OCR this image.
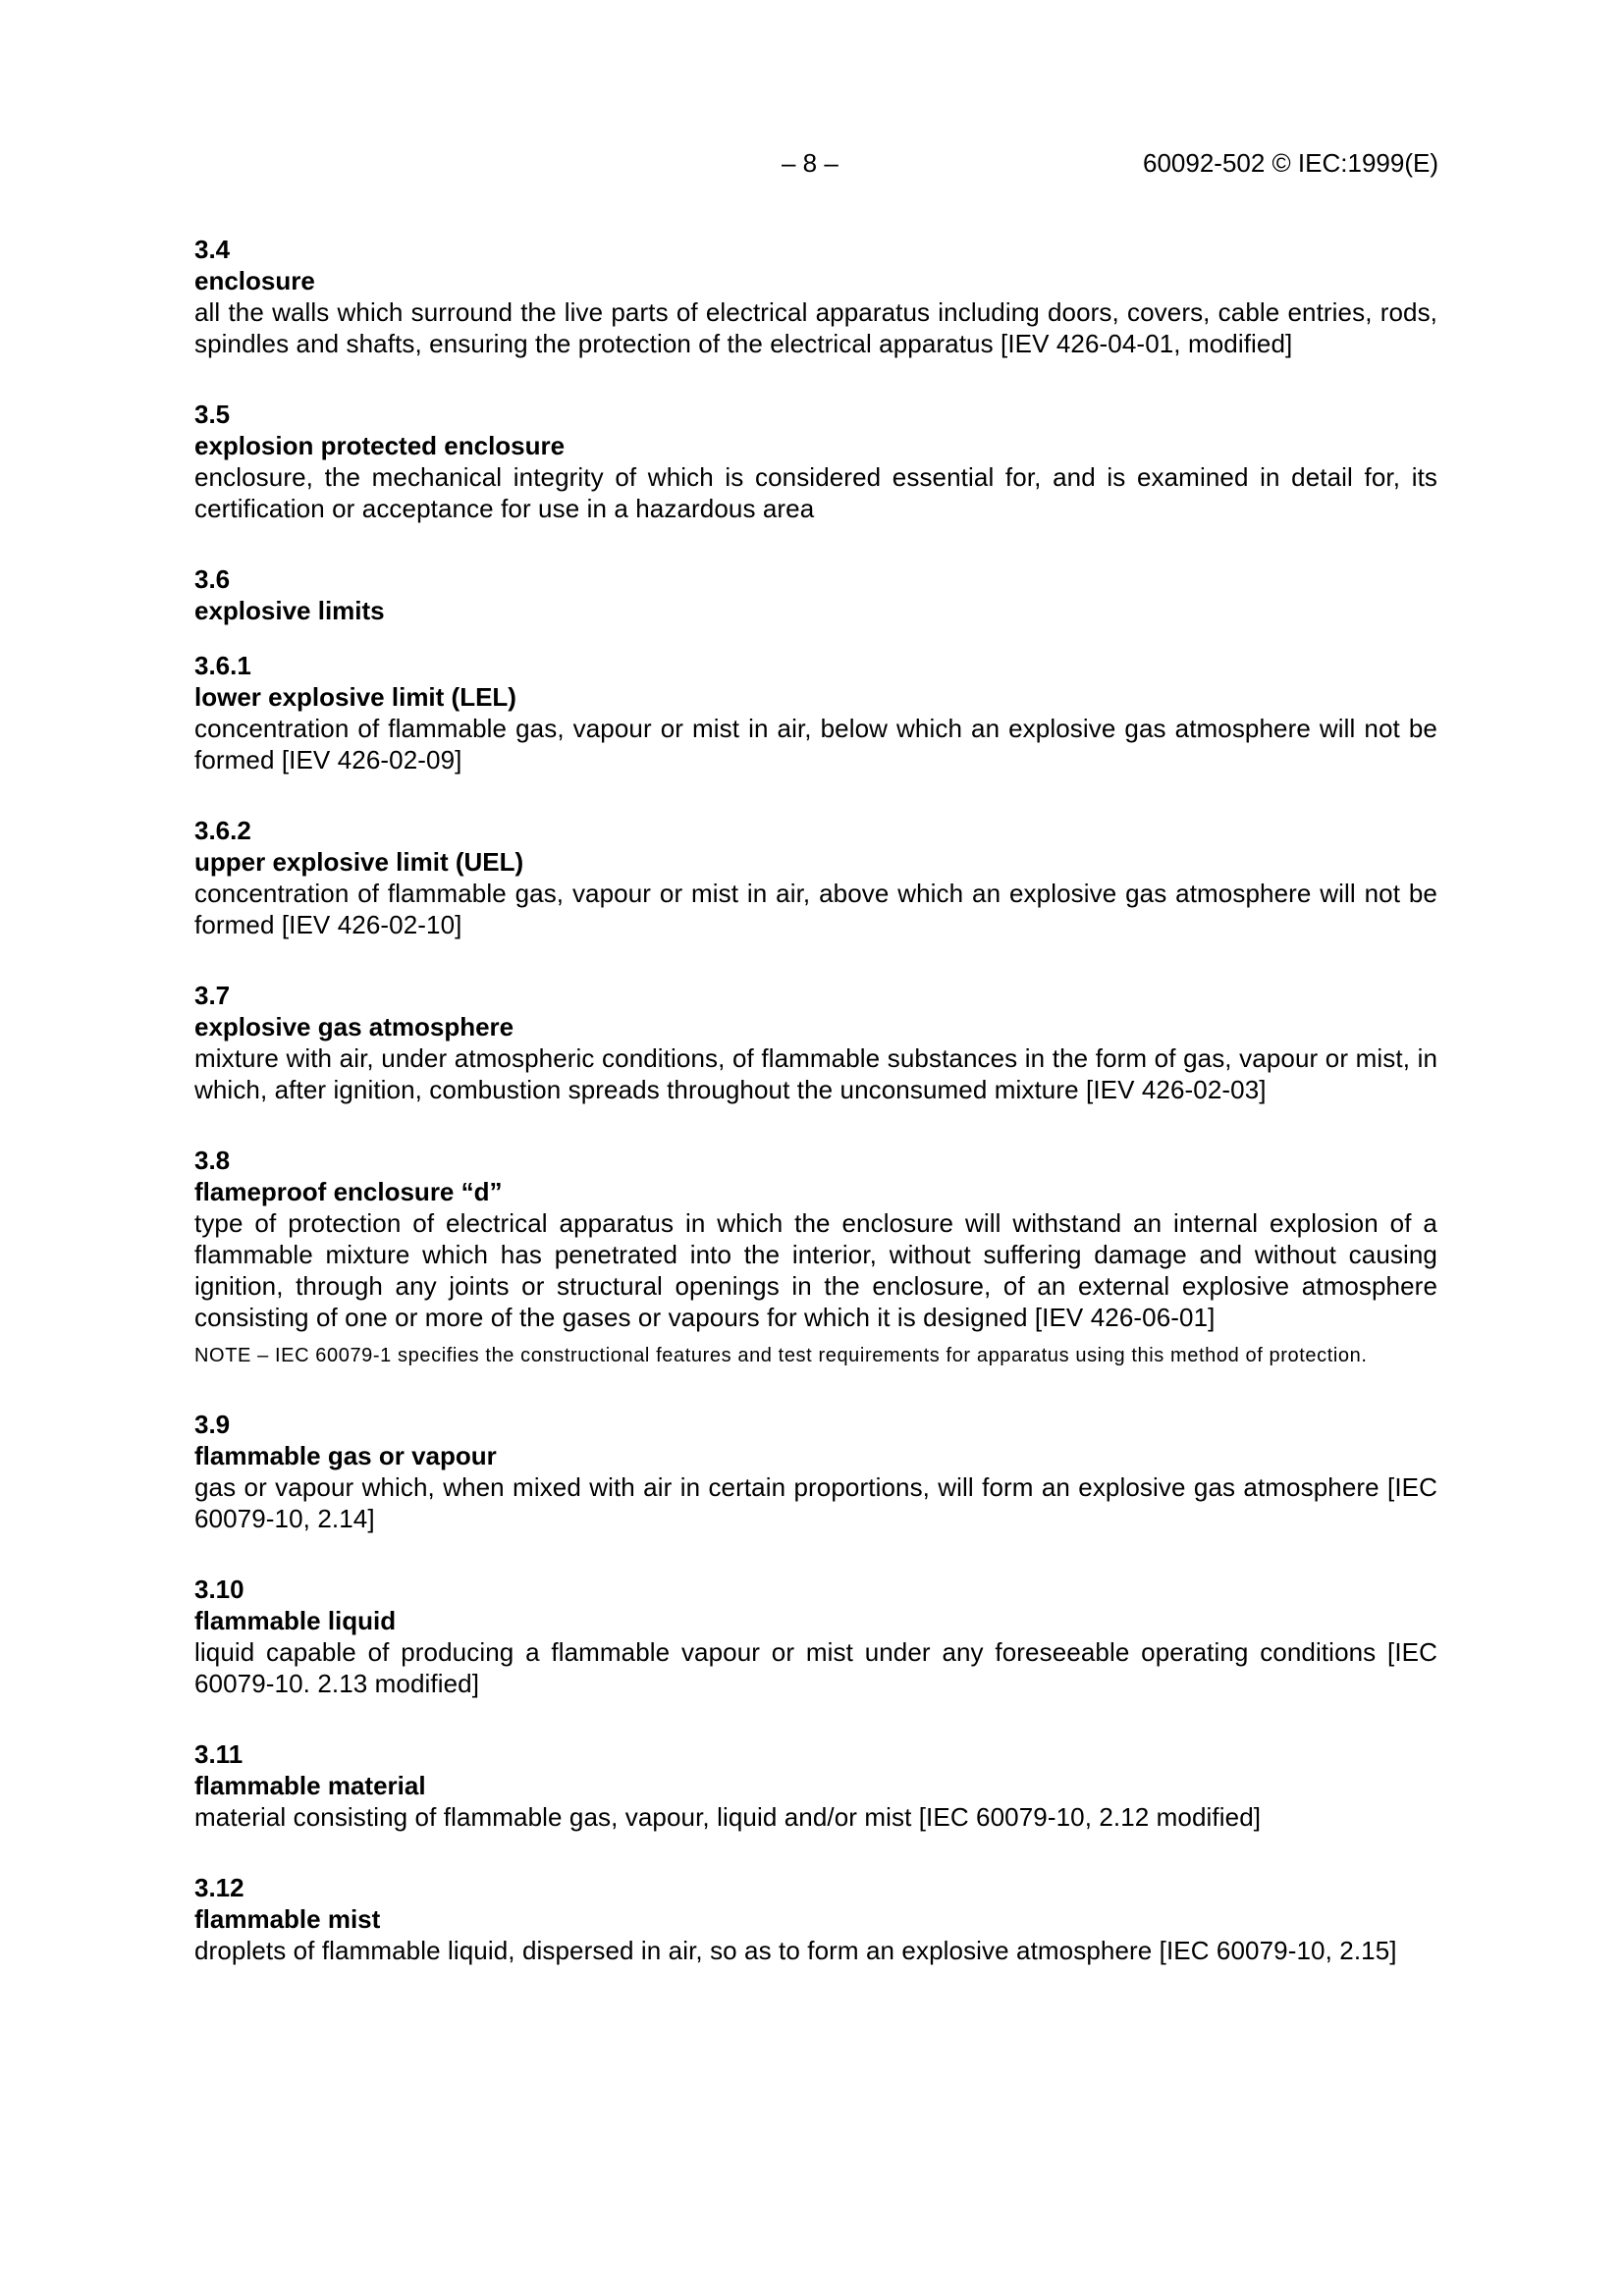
– 8 –	60092-502 © IEC:1999(E)

3.4

enclosure

all the walls which surround the live parts of electrical apparatus including doors, covers, cable entries, rods, spindles and shafts, ensuring the protection of the electrical apparatus [IEV 426-04-01, modified]

3.5

explosion protected enclosure

enclosure, the mechanical integrity of which is considered essential for, and is examined in detail for, its certification or acceptance for use in a hazardous area

3.6

explosive limits

3.6.1

lower explosive limit (LEL)

concentration of flammable gas, vapour or mist in air, below which an explosive gas atmosphere will not be formed [IEV 426-02-09]

3.6.2

upper explosive limit (UEL)

concentration of flammable gas, vapour or mist in air, above which an explosive gas atmosphere will not be formed [IEV 426-02-10]

3.7

explosive gas atmosphere

mixture with air, under atmospheric conditions, of flammable substances in the form of gas, vapour or mist, in which, after ignition, combustion spreads throughout the unconsumed mixture [IEV 426-02-03]

3.8

flameproof enclosure “d”

type of protection of electrical apparatus in which the enclosure will withstand an internal explosion of a flammable mixture which has penetrated into the interior, without suffering damage and without causing ignition, through any joints or structural openings in the enclosure, of an external explosive atmosphere consisting of one or more of the gases or vapours for which it is designed [IEV 426-06-01]

NOTE – IEC 60079-1 specifies the constructional features and test requirements for apparatus using this method of protection.

3.9

flammable gas or vapour

gas or vapour which, when mixed with air in certain proportions, will form an explosive gas atmosphere [IEC 60079-10, 2.14]

3.10

flammable liquid

liquid capable of producing a flammable vapour or mist under any foreseeable operating conditions [IEC 60079-10. 2.13 modified]

3.11

flammable material

material consisting of flammable gas, vapour, liquid and/or mist [IEC 60079-10, 2.12 modified]

3.12

flammable mist

droplets of flammable liquid, dispersed in air, so as to form an explosive atmosphere [IEC 60079-10, 2.15]
